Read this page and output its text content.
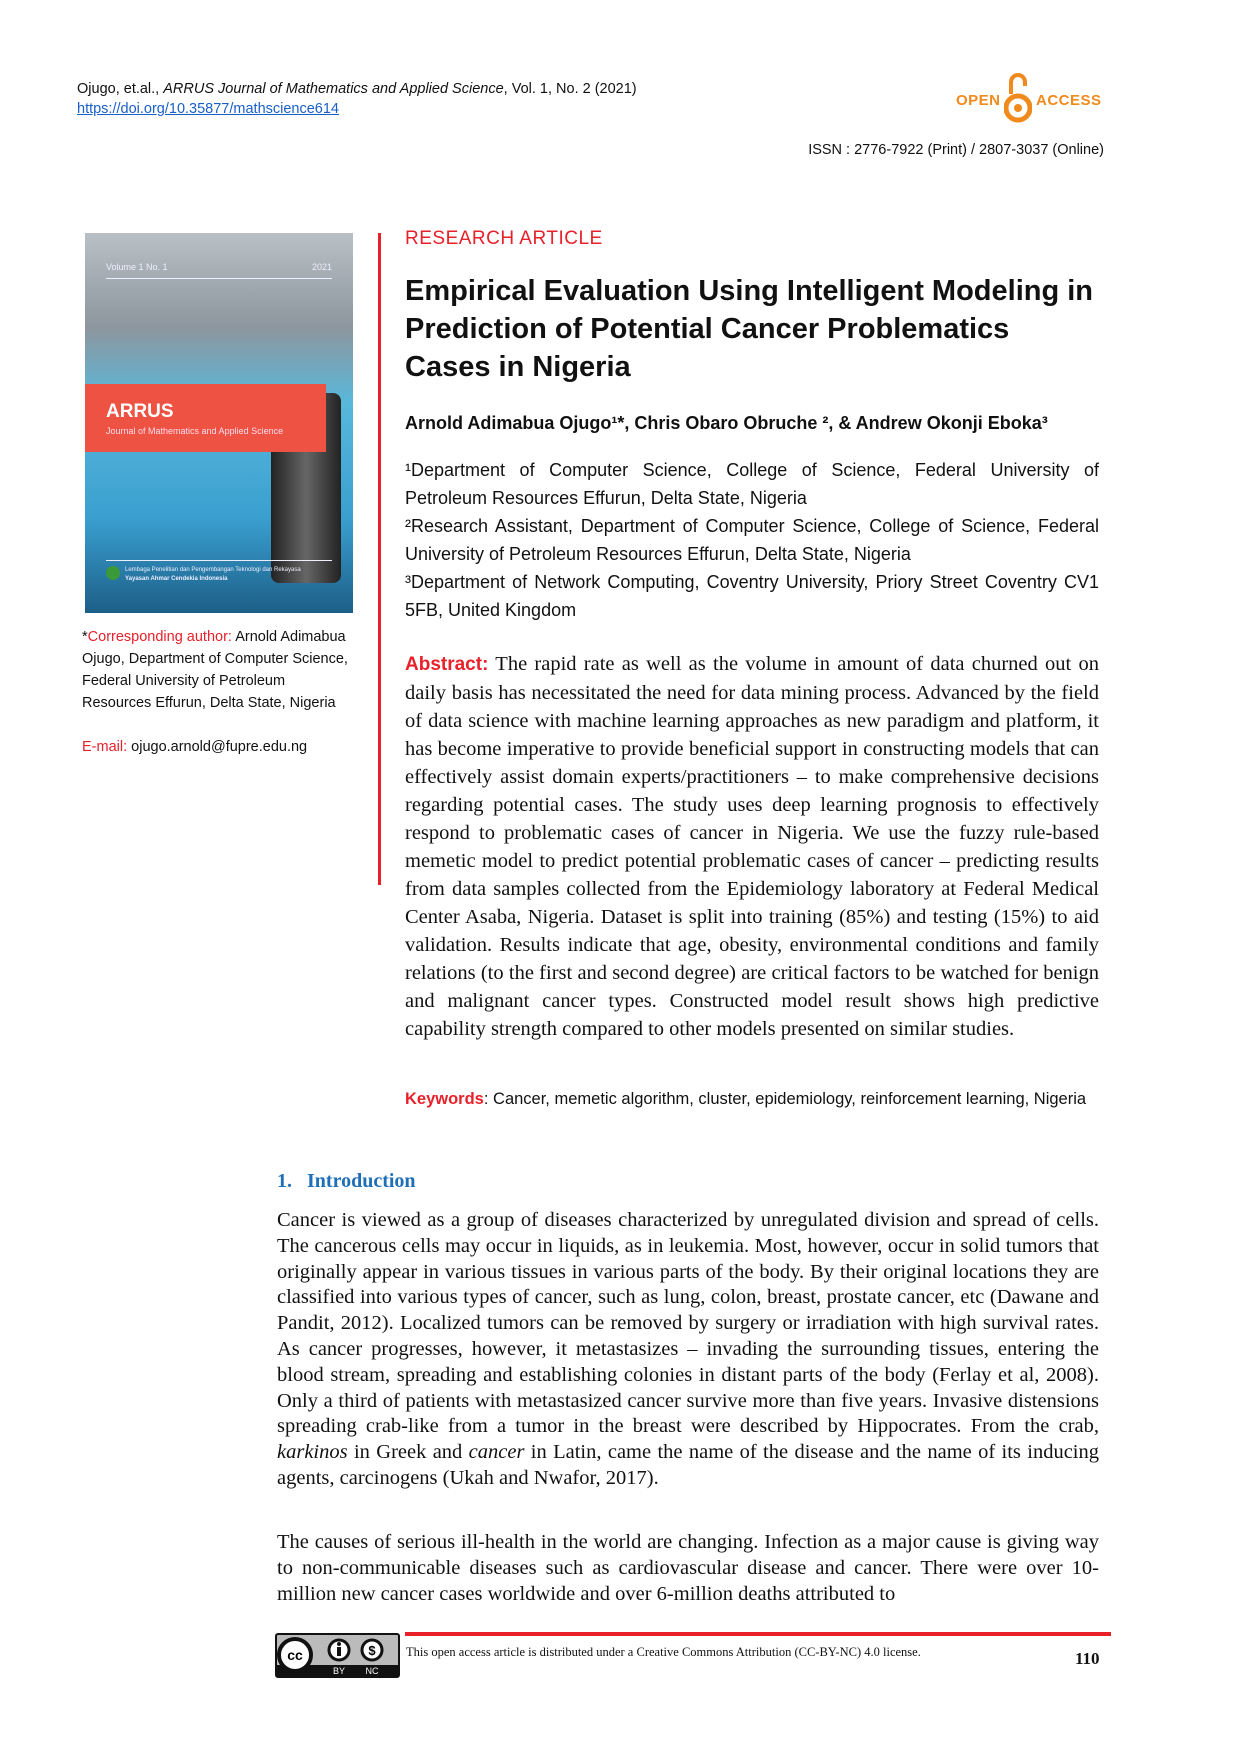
Ojugo, et.al., ARRUS Journal of Mathematics and Applied Science, Vol. 1, No. 2 (2021)
https://doi.org/10.35877/mathscience614	OPEN ACCESS
ISSN : 2776-7922 (Print) / 2807-3037 (Online)
Volume 1 No. 1	2021
ARRUS
Journal of Mathematics and Applied Science
Lembaga Penelitian dan Pengembangan Teknologi dan Rekayasa
Yayasan Ahmar Cendekia Indonesia
*Corresponding author: Arnold Adimabua Ojugo, Department of Computer Science, Federal University of Petroleum Resources Effurun, Delta State, Nigeria
E-mail: ojugo.arnold@fupre.edu.ng
RESEARCH ARTICLE
Empirical Evaluation Using Intelligent Modeling in Prediction of Potential Cancer Problematics Cases in Nigeria
Arnold Adimabua Ojugo¹*, Chris Obaro Obruche ², & Andrew Okonji Eboka³
¹Department of Computer Science, College of Science, Federal University of Petroleum Resources Effurun, Delta State, Nigeria
²Research Assistant, Department of Computer Science, College of Science, Federal University of Petroleum Resources Effurun, Delta State, Nigeria
³Department of Network Computing, Coventry University, Priory Street Coventry CV1 5FB, United Kingdom
Abstract: The rapid rate as well as the volume in amount of data churned out on daily basis has necessitated the need for data mining process. Advanced by the field of data science with machine learning approaches as new paradigm and platform, it has become imperative to provide beneficial support in constructing models that can effectively assist domain experts/practitioners – to make comprehensive decisions regarding potential cases. The study uses deep learning prognosis to effectively respond to problematic cases of cancer in Nigeria. We use the fuzzy rule-based memetic model to predict potential problematic cases of cancer – predicting results from data samples collected from the Epidemiology laboratory at Federal Medical Center Asaba, Nigeria. Dataset is split into training (85%) and testing (15%) to aid validation. Results indicate that age, obesity, environmental conditions and family relations (to the first and second degree) are critical factors to be watched for benign and malignant cancer types. Constructed model result shows high predictive capability strength compared to other models presented on similar studies.
Keywords: Cancer, memetic algorithm, cluster, epidemiology, reinforcement learning, Nigeria
1.   Introduction
Cancer is viewed as a group of diseases characterized by unregulated division and spread of cells. The cancerous cells may occur in liquids, as in leukemia. Most, however, occur in solid tumors that originally appear in various tissues in various parts of the body. By their original locations they are classified into various types of cancer, such as lung, colon, breast, prostate cancer, etc (Dawane and Pandit, 2012). Localized tumors can be removed by surgery or irradiation with high survival rates. As cancer progresses, however, it metastasizes – invading the surrounding tissues, entering the blood stream, spreading and establishing colonies in distant parts of the body (Ferlay et al, 2008). Only a third of patients with metastasized cancer survive more than five years. Invasive distensions spreading crab-like from a tumor in the breast were described by Hippocrates. From the crab, karkinos in Greek and cancer in Latin, came the name of the disease and the name of its inducing agents, carcinogens (Ukah and Nwafor, 2017).
The causes of serious ill-health in the world are changing. Infection as a major cause is giving way to non-communicable diseases such as cardiovascular disease and cancer. There were over 10-million new cancer cases worldwide and over 6-million deaths attributed to
cc	$
BY NC
This open access article is distributed under a Creative Commons Attribution (CC-BY-NC) 4.0 license.	110
